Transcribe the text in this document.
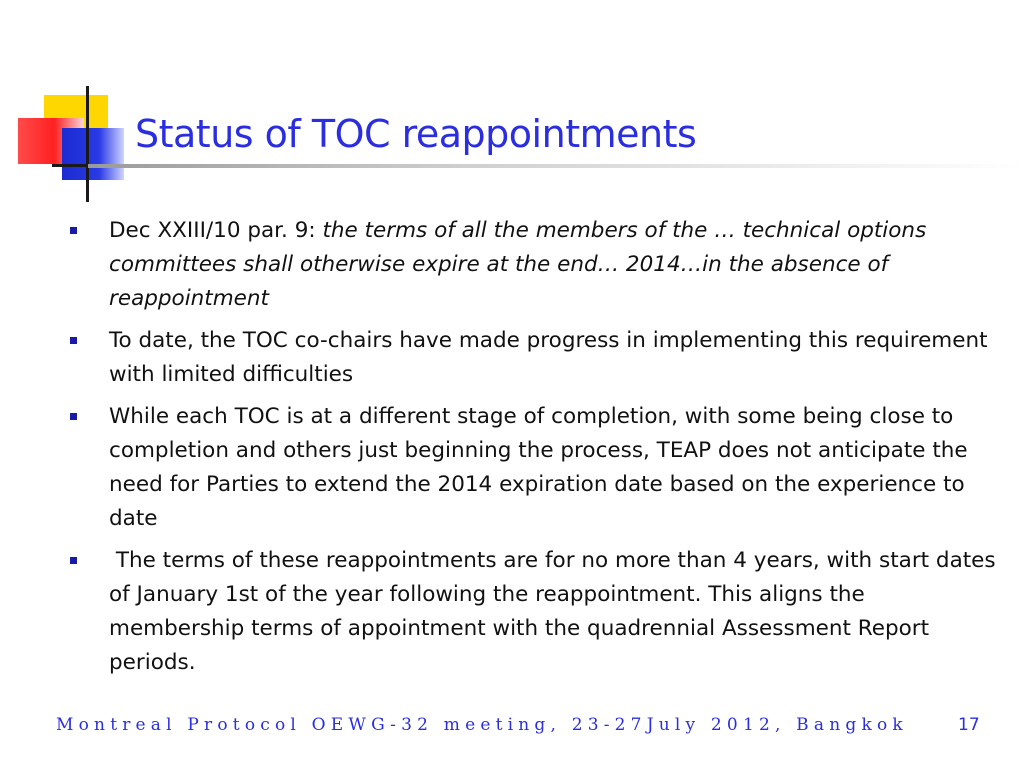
Status of TOC reappointments
Dec XXIII/10 par. 9: the terms of all the members of the … technical options committees shall otherwise expire at the end… 2014…in the absence of reappointment
To date, the TOC co-chairs have made progress in implementing this requirement with limited difficulties
While each TOC is at a different stage of completion, with some being close to completion and others just beginning the process, TEAP does not anticipate the need for Parties to extend the 2014 expiration date based on the experience to date
The terms of these reappointments are for no more than 4 years, with start dates of January 1st of the year following the reappointment. This aligns the membership terms of appointment with the quadrennial Assessment Report periods.
Montreal Protocol OEWG-32 meeting, 23-27July 2012, Bangkok	17
